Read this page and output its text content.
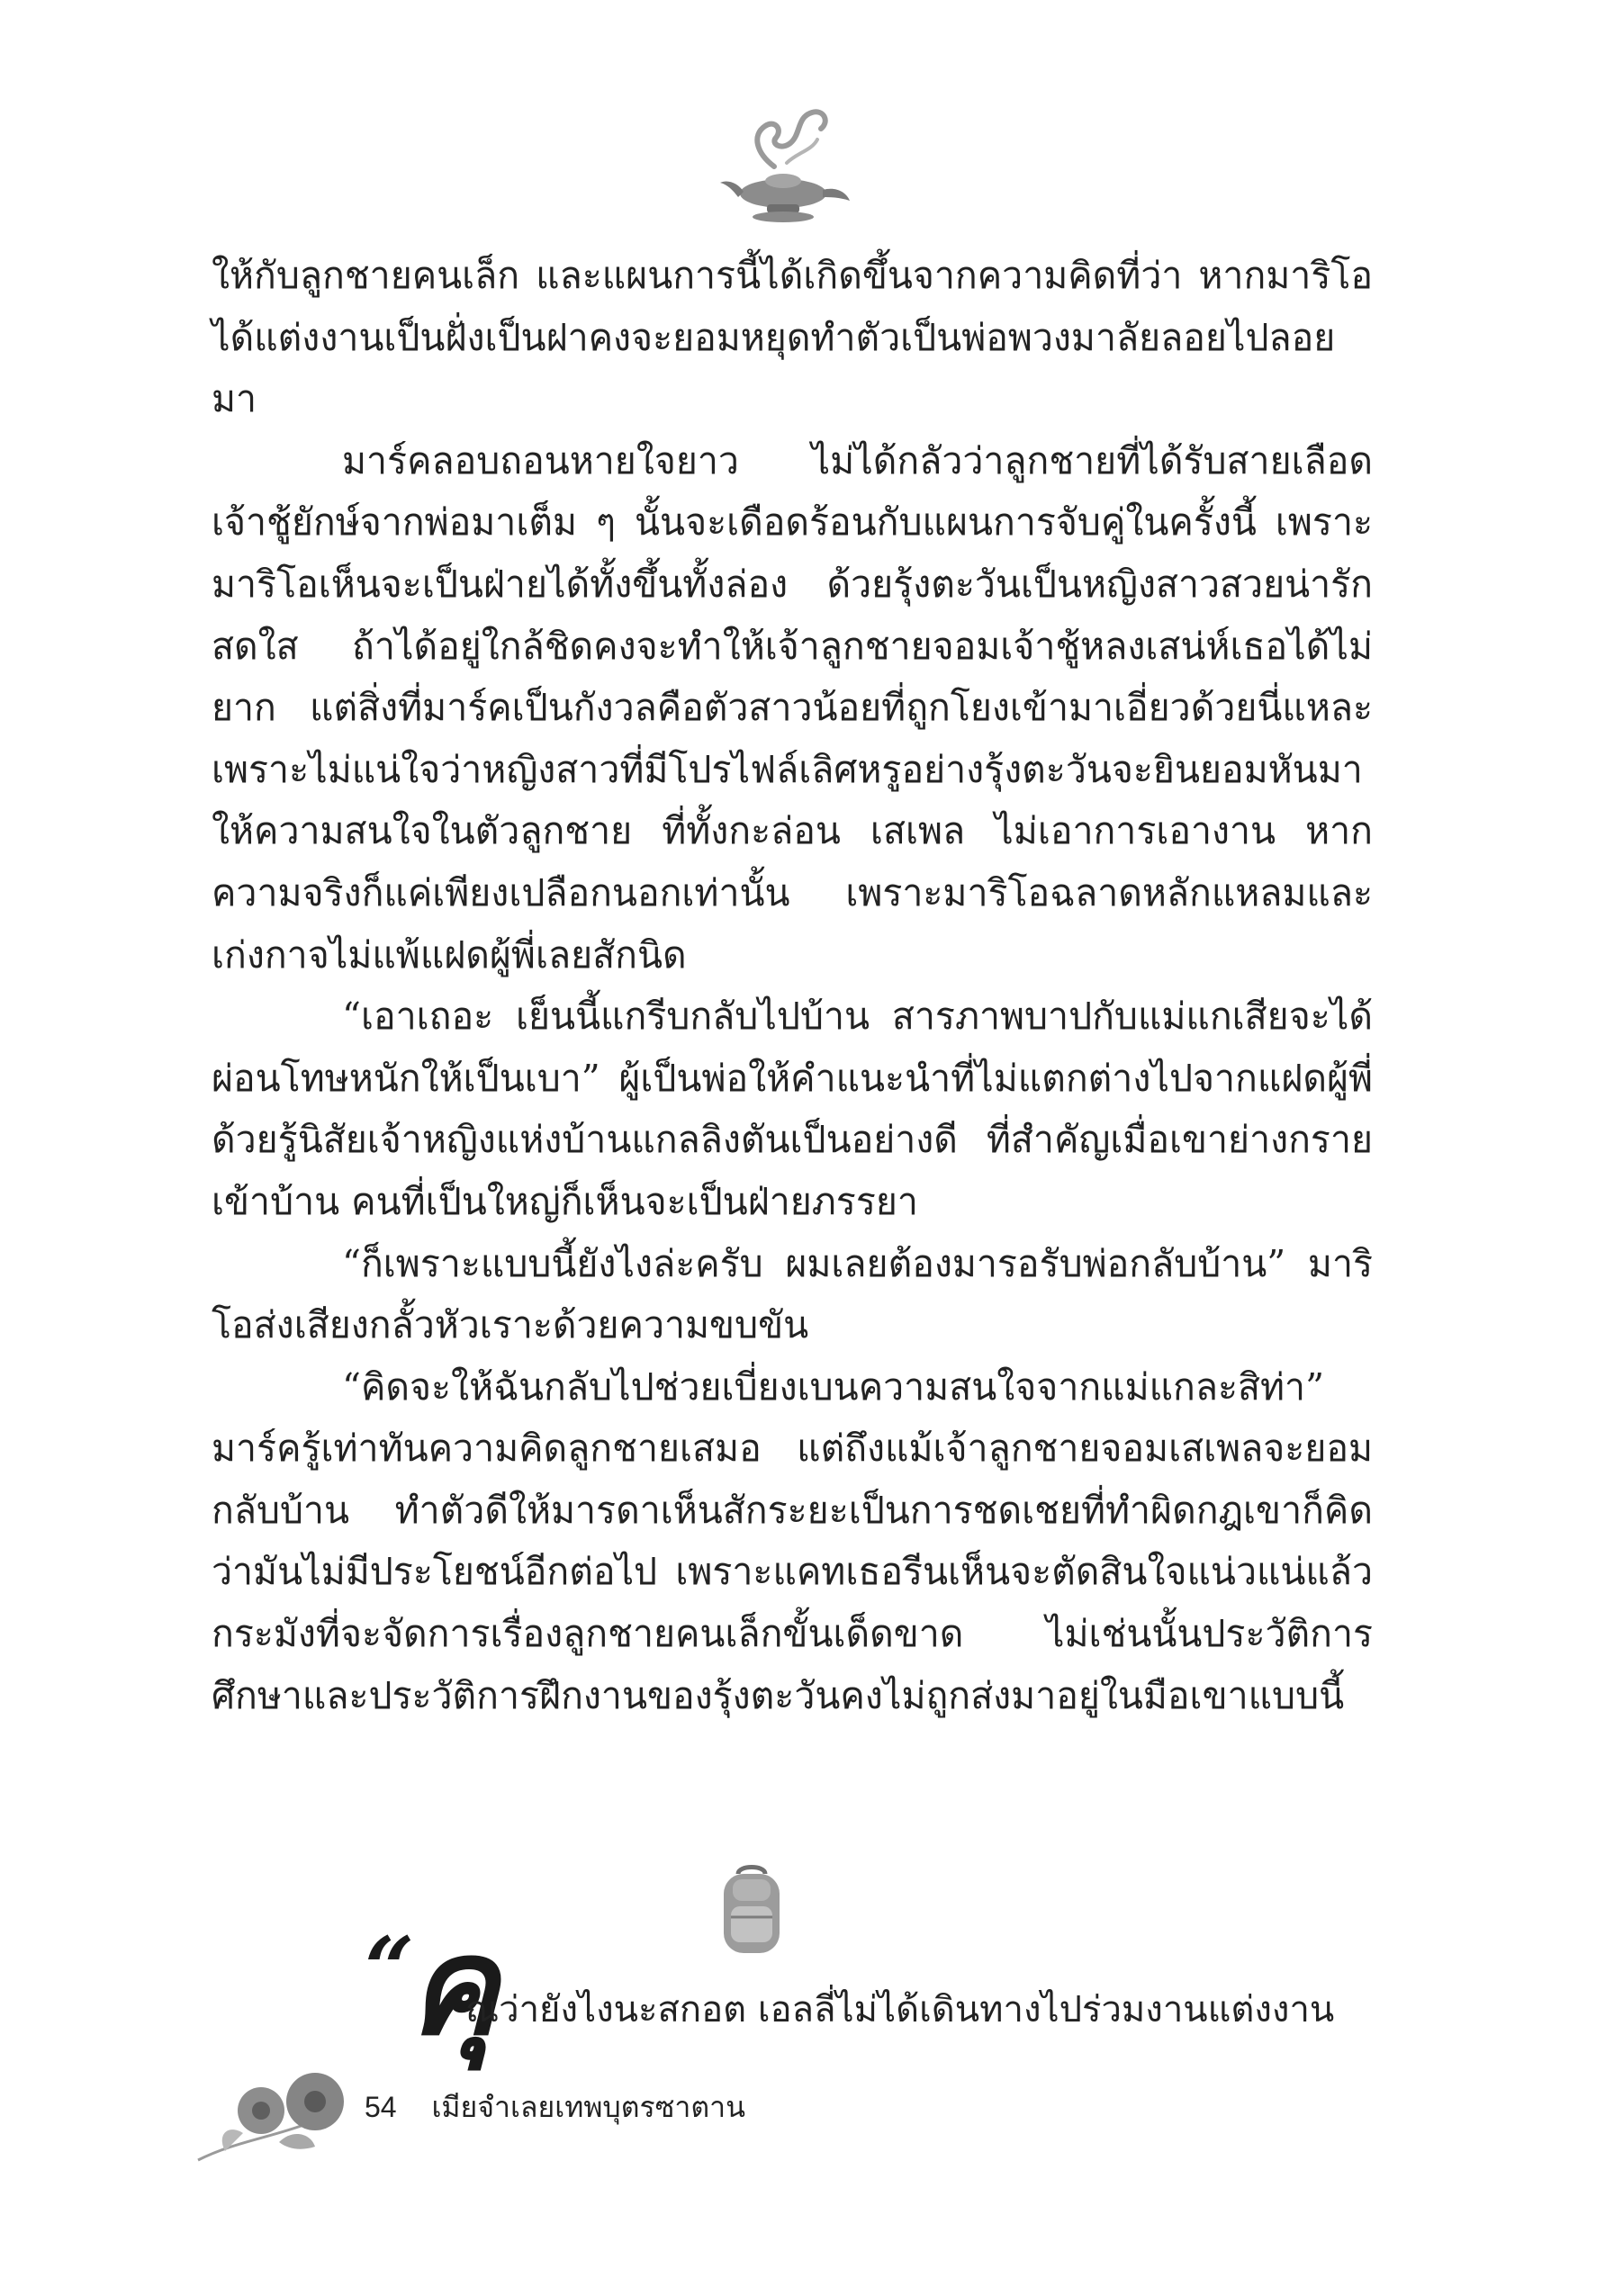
ให้กับลูกชายคนเล็ก และแผนการนี้ได้เกิดขึ้นจากความคิดที่ว่า หากมาริโอได้แต่งงานเป็นฝั่งเป็นฝาคงจะยอมหยุดทำตัวเป็นพ่อพวงมาลัยลอยไปลอยมา

มาร์คลอบถอนหายใจยาว ไม่ได้กลัวว่าลูกชายที่ได้รับสายเลือดเจ้าชู้ยักษ์จากพ่อมาเต็ม ๆ นั้นจะเดือดร้อนกับแผนการจับคู่ในครั้งนี้ เพราะมาริโอเห็นจะเป็นฝ่ายได้ทั้งขึ้นทั้งล่อง ด้วยรุ้งตะวันเป็นหญิงสาวสวยน่ารักสดใส ถ้าได้อยู่ใกล้ชิดคงจะทำให้เจ้าลูกชายจอมเจ้าชู้หลงเสน่ห์เธอได้ไม่ยาก แต่สิ่งที่มาร์คเป็นกังวลคือตัวสาวน้อยที่ถูกโยงเข้ามาเอี่ยวด้วยนี่แหละ เพราะไม่แน่ใจว่าหญิงสาวที่มีโปรไฟล์เลิศหรูอย่างรุ้งตะวันจะยินยอมหันมาให้ความสนใจในตัวลูกชาย ที่ทั้งกะล่อน เสเพล ไม่เอาการเอางาน หากความจริงก็แค่เพียงเปลือกนอกเท่านั้น เพราะมาริโอฉลาดหลักแหลมและเก่งกาจไม่แพ้แฝดผู้พี่เลยสักนิด

“เอาเถอะ เย็นนี้แกรีบกลับไปบ้าน สารภาพบาปกับแม่แกเสียจะได้ผ่อนโทษหนักให้เป็นเบา” ผู้เป็นพ่อให้คำแนะนำที่ไม่แตกต่างไปจากแฝดผู้พี่ ด้วยรู้นิสัยเจ้าหญิงแห่งบ้านแกลลิงตันเป็นอย่างดี ที่สำคัญเมื่อเขาย่างกรายเข้าบ้าน คนที่เป็นใหญ่ก็เห็นจะเป็นฝ่ายภรรยา

“ก็เพราะแบบนี้ยังไงล่ะครับ ผมเลยต้องมารอรับพ่อกลับบ้าน” มาริโอส่งเสียงกลั้วหัวเราะด้วยความขบขัน

“คิดจะให้ฉันกลับไปช่วยเบี่ยงเบนความสนใจจากแม่แกละสิท่า” มาร์ครู้เท่าทันความคิดลูกชายเสมอ แต่ถึงแม้เจ้าลูกชายจอมเสเพลจะยอมกลับบ้าน ทำตัวดีให้มารดาเห็นสักระยะเป็นการชดเชยที่ทำผิดกฎเขาก็คิดว่ามันไม่มีประโยชน์อีกต่อไป เพราะแคทเธอรีนเห็นจะตัดสินใจแน่วแน่แล้วกระมังที่จะจัดการเรื่องลูกชายคนเล็กขั้นเด็ดขาด ไม่เช่นนั้นประวัติการศึกษาและประวัติการฝึกงานของรุ้งตะวันคงไม่ถูกส่งมาอยู่ในมือเขาแบบนี้

“
คุ
ณว่ายังไงนะสกอต เอลลี่ไม่ได้เดินทางไปร่วมงานแต่งงาน
54 เมียจำเลยเทพบุตรซาตาน
